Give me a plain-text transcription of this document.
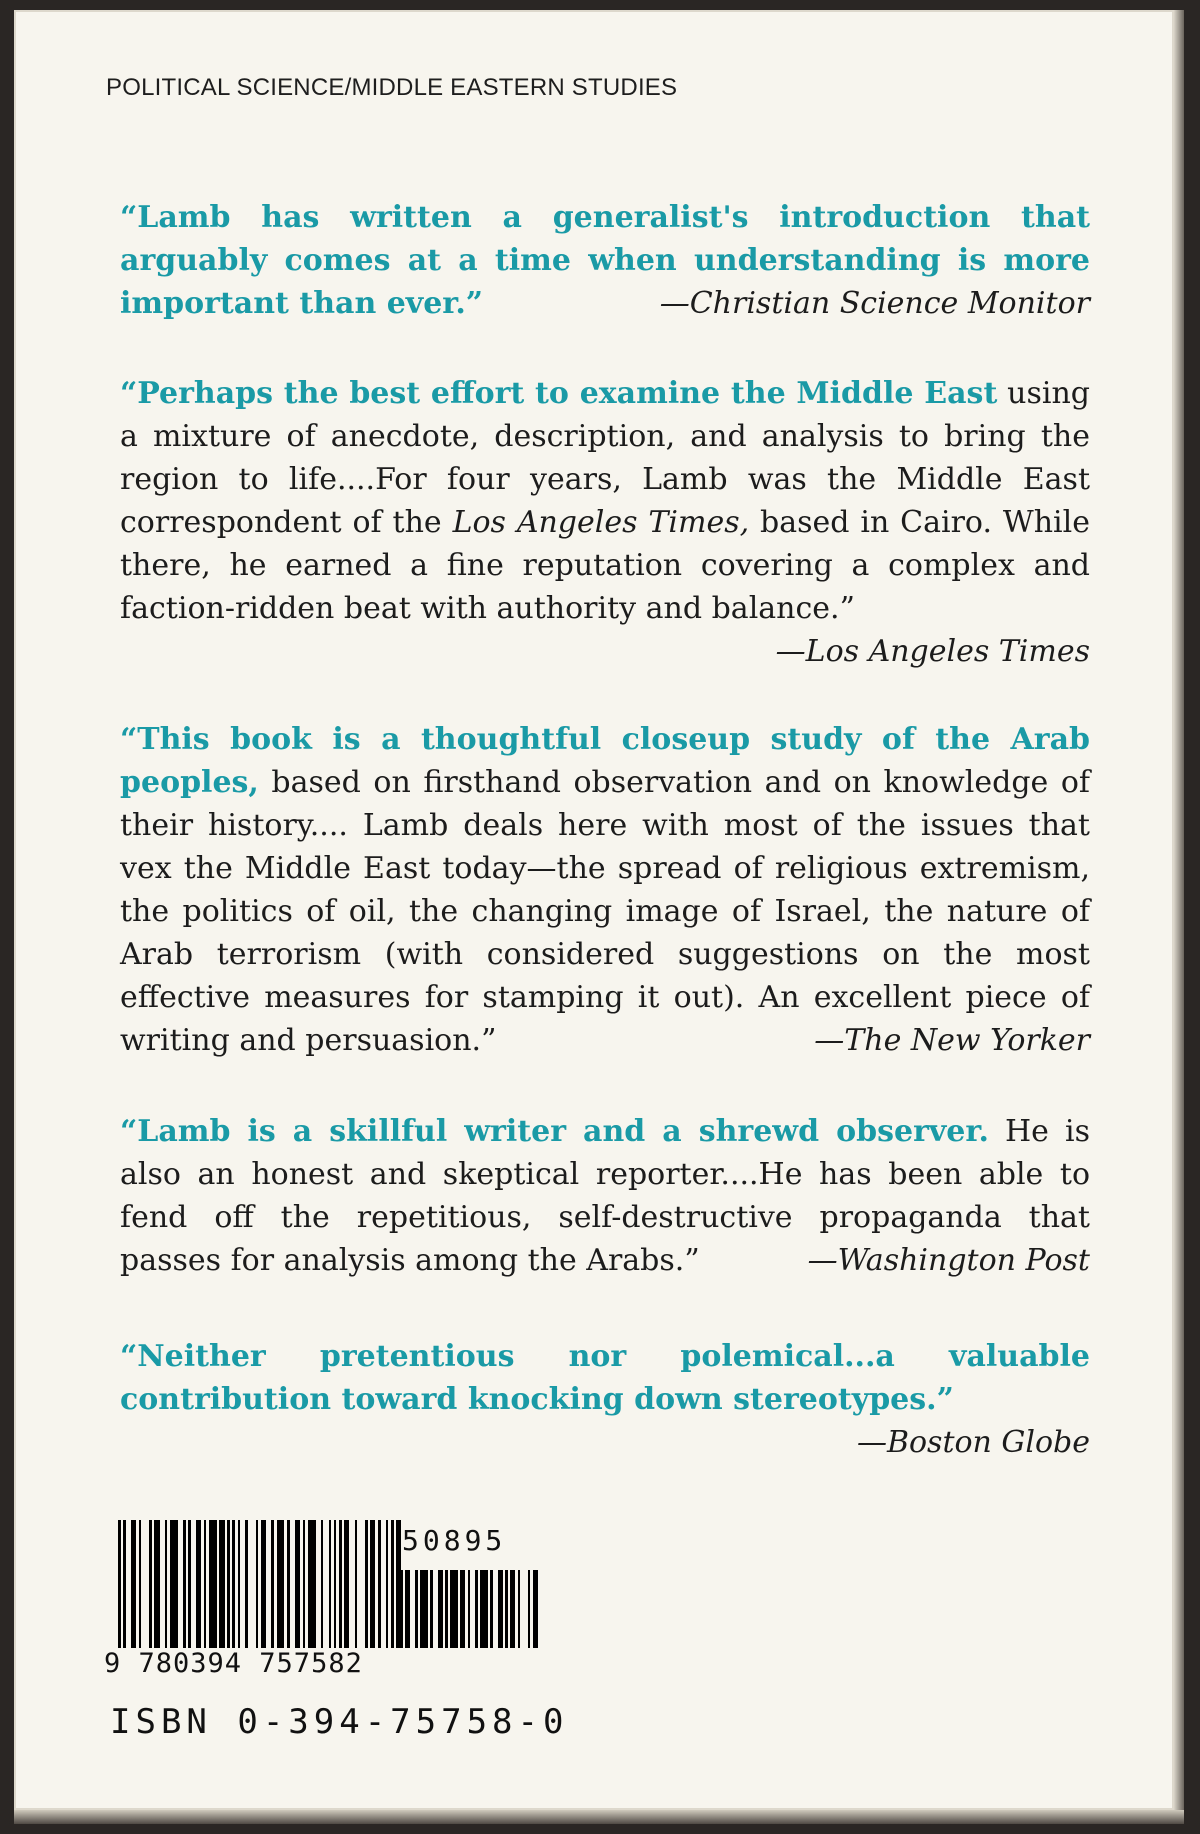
POLITICAL SCIENCE/MIDDLE EASTERN STUDIES
“Lamb has written a generalist's introduction that arguably comes at a time when understanding is more important than ever.”	—Christian Science Monitor
“Perhaps the best effort to examine the Middle East using a mixture of anecdote, description, and analysis to bring the region to life....For four years, Lamb was the Middle East correspondent of the Los Angeles Times, based in Cairo. While there, he earned a fine reputation covering a complex and faction-ridden beat with authority and balance.”
—Los Angeles Times
“This book is a thoughtful closeup study of the Arab peoples, based on firsthand observation and on knowledge of their history.... Lamb deals here with most of the issues that vex the Middle East today—the spread of religious extremism, the politics of oil, the changing image of Israel, the nature of Arab terrorism (with considered suggestions on the most effective measures for stamping it out). An excellent piece of writing and persuasion.”	—The New Yorker
“Lamb is a skillful writer and a shrewd observer. He is also an honest and skeptical reporter....He has been able to fend off the repetitious, self-destructive propaganda that passes for analysis among the Arabs.”	—Washington Post
“Neither pretentious nor polemical...a valuable contribution toward knocking down stereotypes.”
—Boston Globe
50895
9 780394 757582
ISBN 0-394-75758-0
